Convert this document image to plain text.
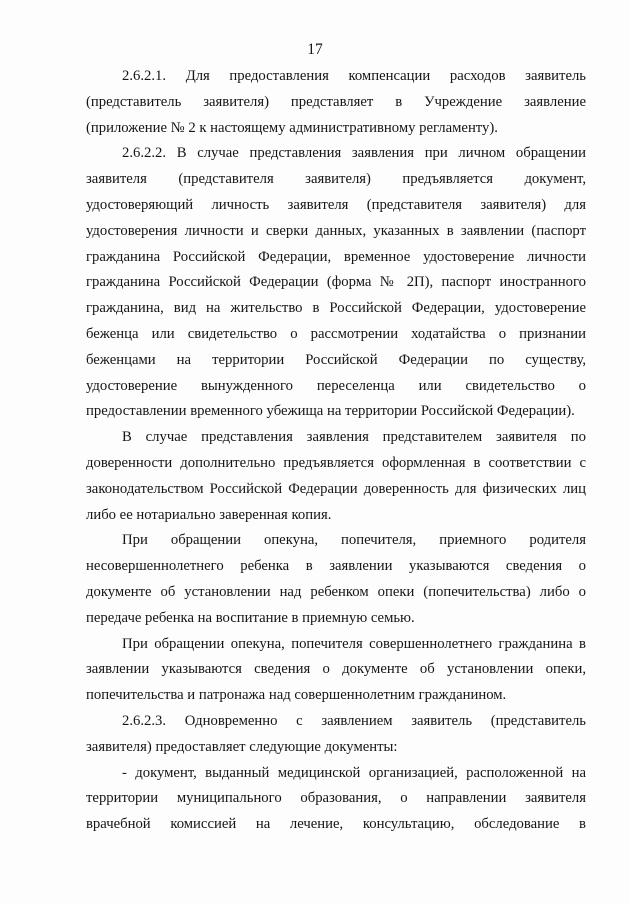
17
2.6.2.1. Для предоставления компенсации расходов заявитель
(представитель заявителя) представляет в Учреждение заявление
(приложение № 2 к настоящему административному регламенту).
2.6.2.2. В случае представления заявления при личном обращении
заявителя (представителя заявителя) предъявляется документ,
удостоверяющий личность заявителя (представителя заявителя) для
удостоверения личности и сверки данных, указанных в заявлении (паспорт
гражданина Российской Федерации, временное удостоверение личности
гражданина Российской Федерации (форма № 2П), паспорт иностранного
гражданина, вид на жительство в Российской Федерации, удостоверение
беженца или свидетельство о рассмотрении ходатайства о признании
беженцами на территории Российской Федерации по существу,
удостоверение вынужденного переселенца или свидетельство о
предоставлении временного убежища на территории Российской Федерации).
В случае представления заявления представителем заявителя по
доверенности дополнительно предъявляется оформленная в соответствии с
законодательством Российской Федерации доверенность для физических лиц
либо ее нотариально заверенная копия.
При обращении опекуна, попечителя, приемного родителя
несовершеннолетнего ребенка в заявлении указываются сведения о
документе об установлении над ребенком опеки (попечительства) либо о
передаче ребенка на воспитание в приемную семью.
При обращении опекуна, попечителя совершеннолетнего гражданина в
заявлении указываются сведения о документе об установлении опеки,
попечительства и патронажа над совершеннолетним гражданином.
2.6.2.3. Одновременно с заявлением заявитель (представитель
заявителя) предоставляет следующие документы:
- документ, выданный медицинской организацией, расположенной на
территории муниципального образования, о направлении заявителя
врачебной комиссией на лечение, консультацию, обследование в
